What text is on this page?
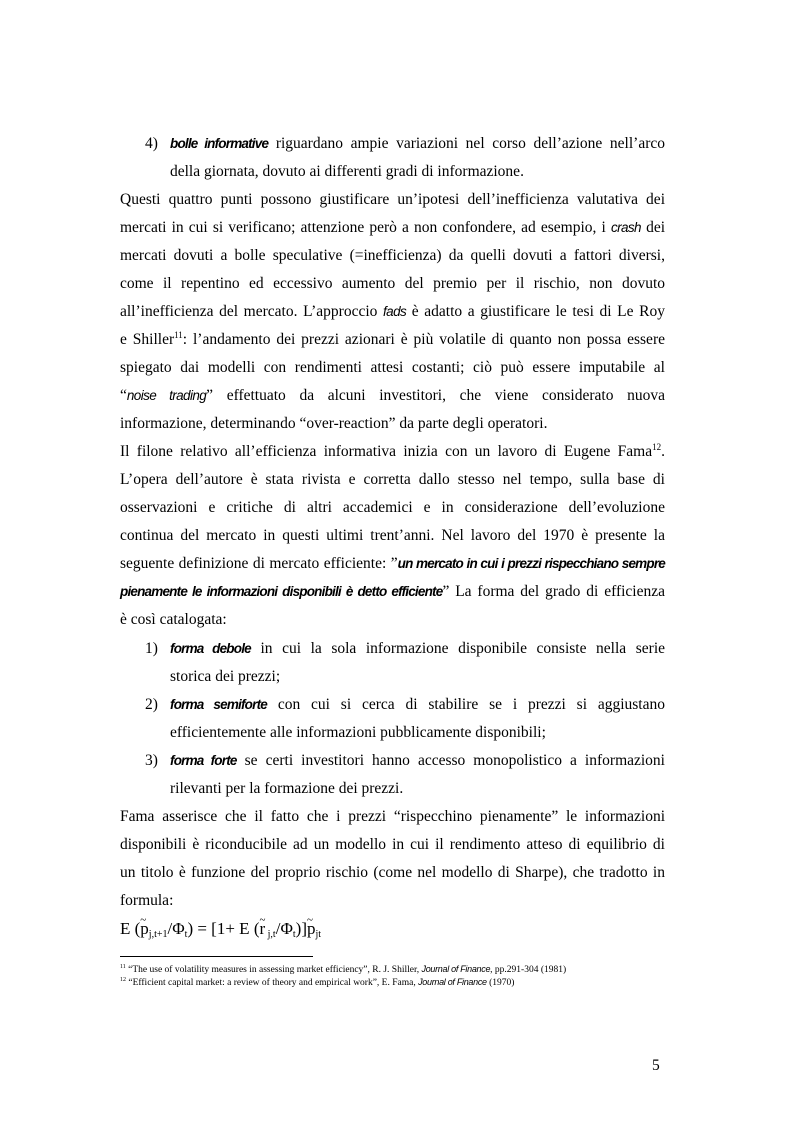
4) bolle informative riguardano ampie variazioni nel corso dell’azione nell’arco
della giornata, dovuto ai differenti gradi di informazione.
Questi quattro punti possono giustificare un’ipotesi dell’inefficienza valutativa dei
mercati in cui si verificano; attenzione però a non confondere, ad esempio, i crash dei
mercati dovuti a bolle speculative (=inefficienza) da quelli dovuti a fattori diversi,
come il repentino ed eccessivo aumento del premio per il rischio, non dovuto
all’inefficienza del mercato. L’approccio fads è adatto a giustificare le tesi di Le Roy
e Shiller$^{11}$: l’andamento dei prezzi azionari è più volatile di quanto non possa essere
spiegato dai modelli con rendimenti attesi costanti; ciò può essere imputabile al
“noise trading” effettuato da alcuni investitori, che viene considerato nuova
informazione, determinando “over-reaction” da parte degli operatori.
Il filone relativo all’efficienza informativa inizia con un lavoro di Eugene Fama$^{12}$.
L’opera dell’autore è stata rivista e corretta dallo stesso nel tempo, sulla base di
osservazioni e critiche di altri accademici e in considerazione dell’evoluzione
continua del mercato in questi ultimi trent’anni. Nel lavoro del 1970 è presente la
seguente definizione di mercato efficiente: ”un mercato in cui i prezzi rispecchiano sempre
pienamente le informazioni disponibili è detto efficiente” La forma del grado di efficienza
è così catalogata:
1) forma debole in cui la sola informazione disponibile consiste nella serie
storica dei prezzi;
2) forma semiforte con cui si cerca di stabilire se i prezzi si aggiustano
efficientemente alle informazioni pubblicamente disponibili;
3) forma forte se certi investitori hanno accesso monopolistico a informazioni
rilevanti per la formazione dei prezzi.
Fama asserisce che il fatto che i prezzi “rispecchino pienamente” le informazioni
disponibili è riconducibile ad un modello in cui il rendimento atteso di equilibrio di
un titolo è funzione del proprio rischio (come nel modello di Sharpe), che tradotto in
formula:
E (~ $p_{j,t+1}/\Phi_t) = [1+ E$ (~ r $_{j,t}/\Phi_t)]\sim$ $p_{jt}$
$^{11}$ “The use of volatility measures in assessing market efficiency”, R. J. Shiller, Journal of Finance, pp.291-304 (1981)
$^{12}$ “Efficient capital market: a review of theory and empirical work”, E. Fama, Journal of Finance (1970)
5
